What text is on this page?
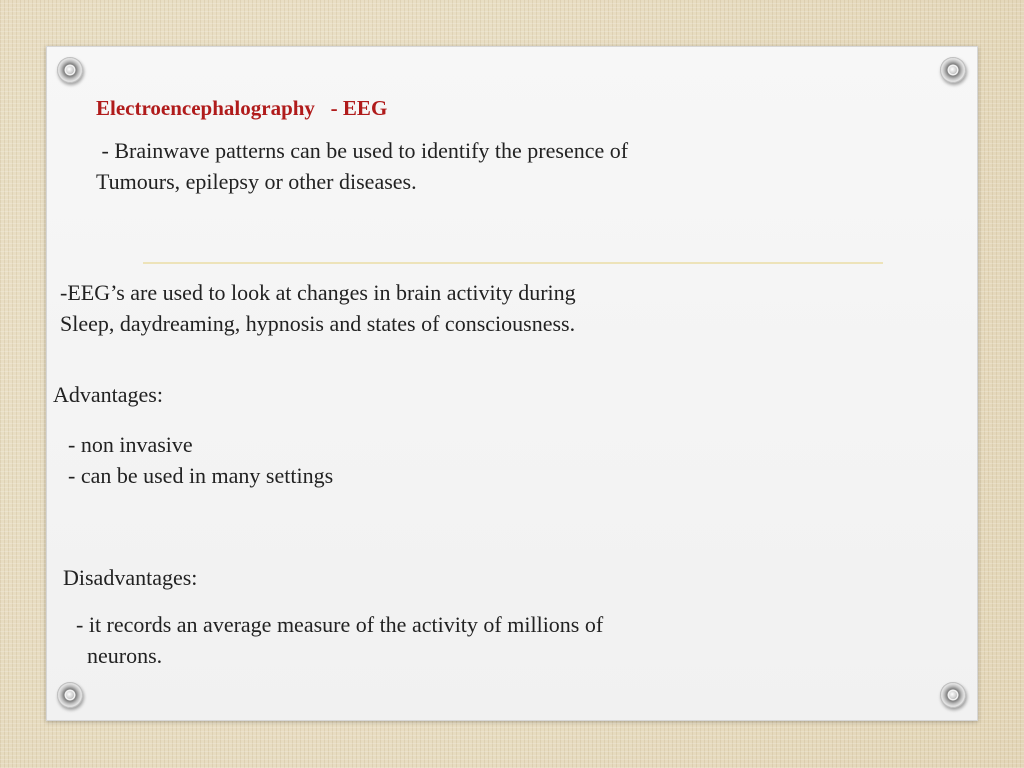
Electroencephalography   - EEG
- Brainwave patterns can be used to identify the presence of
Tumours, epilepsy or other diseases.
-EEG’s are used to look at changes in brain activity during
Sleep, daydreaming, hypnosis and states of consciousness.
Advantages:
- non invasive
- can be used in many settings
Disadvantages:
- it records an average measure of the activity of millions of
neurons.
